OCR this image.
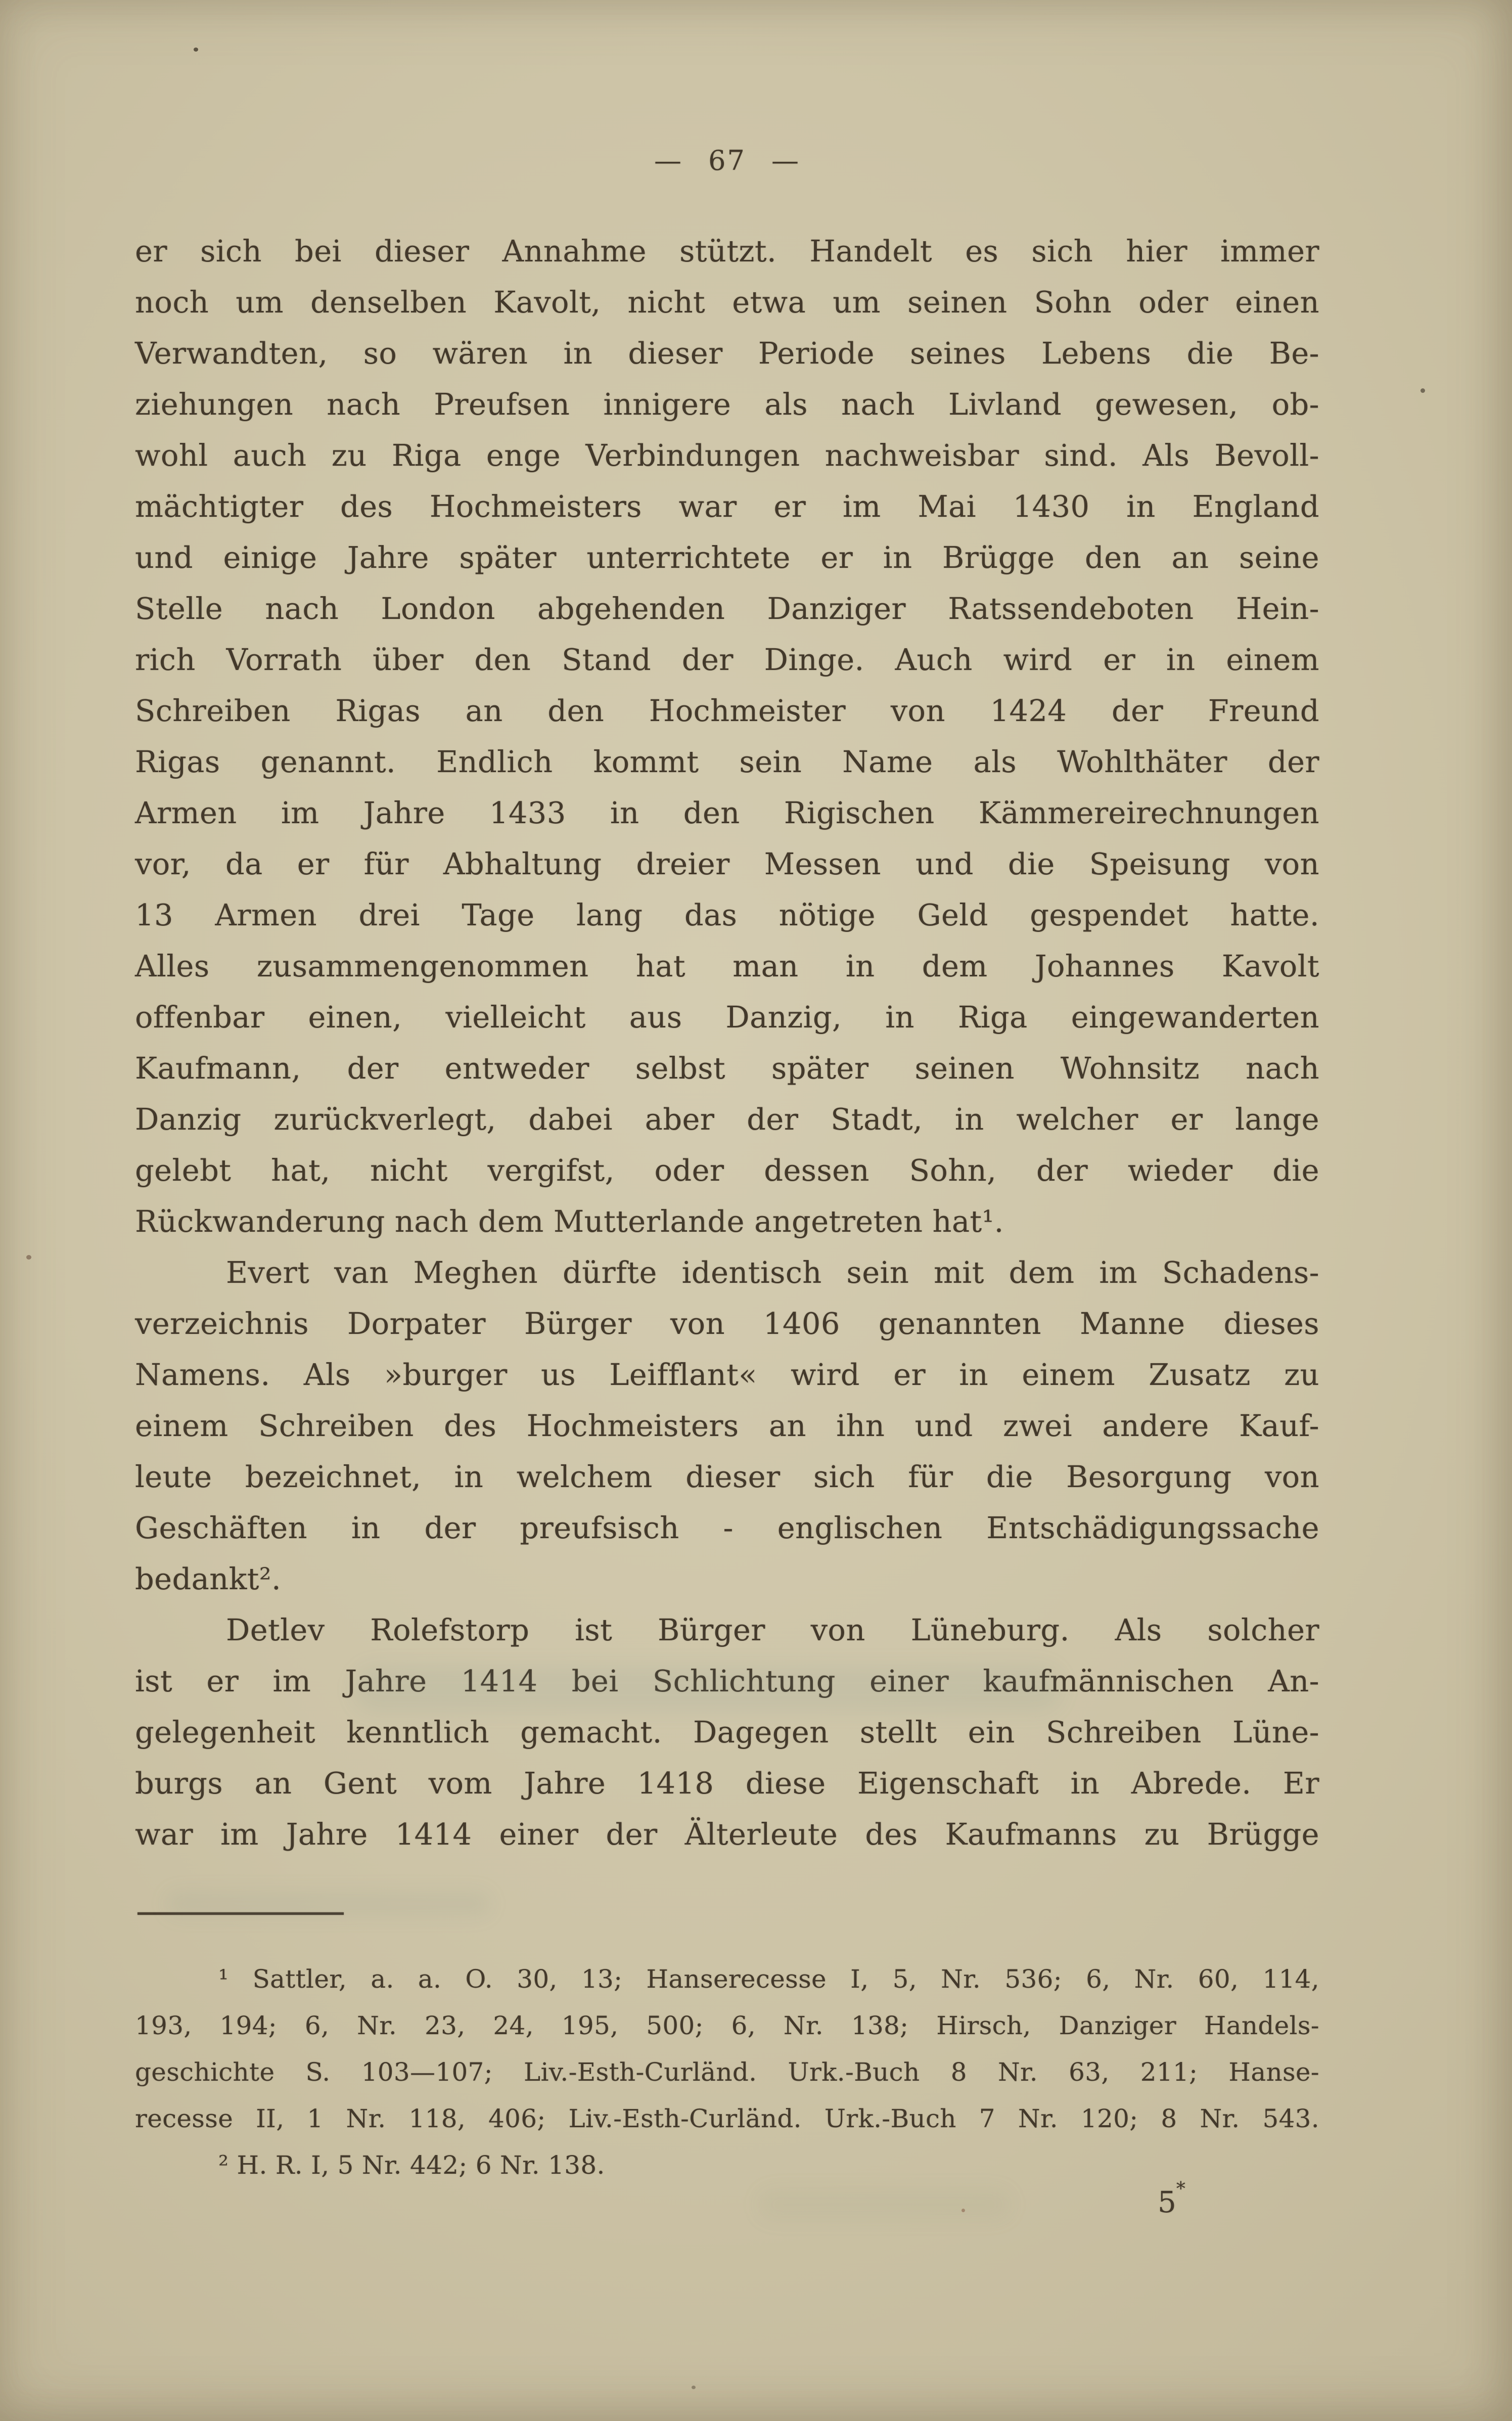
— 67 —
er sich bei dieser Annahme stützt. Handelt es sich hier immer
noch um denselben Kavolt, nicht etwa um seinen Sohn oder einen
Verwandten, so wären in dieser Periode seines Lebens die Be-
ziehungen nach Preufsen innigere als nach Livland gewesen, ob-
wohl auch zu Riga enge Verbindungen nachweisbar sind. Als Bevoll-
mächtigter des Hochmeisters war er im Mai 1430 in England
und einige Jahre später unterrichtete er in Brügge den an seine
Stelle nach London abgehenden Danziger Ratssendeboten Hein-
rich Vorrath über den Stand der Dinge. Auch wird er in einem
Schreiben Rigas an den Hochmeister von 1424 der Freund
Rigas genannt. Endlich kommt sein Name als Wohlthäter der
Armen im Jahre 1433 in den Rigischen Kämmereirechnungen
vor, da er für Abhaltung dreier Messen und die Speisung von
13 Armen drei Tage lang das nötige Geld gespendet hatte.
Alles zusammengenommen hat man in dem Johannes Kavolt
offenbar einen, vielleicht aus Danzig, in Riga eingewanderten
Kaufmann, der entweder selbst später seinen Wohnsitz nach
Danzig zurückverlegt, dabei aber der Stadt, in welcher er lange
gelebt hat, nicht vergifst, oder dessen Sohn, der wieder die
Rückwanderung nach dem Mutterlande angetreten hat¹.
Evert van Meghen dürfte identisch sein mit dem im Schadens-
verzeichnis Dorpater Bürger von 1406 genannten Manne dieses
Namens. Als »burger us Leifflant« wird er in einem Zusatz zu
einem Schreiben des Hochmeisters an ihn und zwei andere Kauf-
leute bezeichnet, in welchem dieser sich für die Besorgung von
Geschäften in der preufsisch - englischen Entschädigungssache
bedankt².
Detlev Rolefstorp ist Bürger von Lüneburg. Als solcher
ist er im Jahre 1414 bei Schlichtung einer kaufmännischen An-
gelegenheit kenntlich gemacht. Dagegen stellt ein Schreiben Lüne-
burgs an Gent vom Jahre 1418 diese Eigenschaft in Abrede. Er
war im Jahre 1414 einer der Älterleute des Kaufmanns zu Brügge
¹ Sattler, a. a. O. 30, 13; Hanserecesse I, 5, Nr. 536; 6, Nr. 60, 114,
193, 194; 6, Nr. 23, 24, 195, 500; 6, Nr. 138; Hirsch, Danziger Handels-
geschichte S. 103—107; Liv.-Esth-Curländ. Urk.-Buch 8 Nr. 63, 211; Hanse-
recesse II, 1 Nr. 118, 406; Liv.-Esth-Curländ. Urk.-Buch 7 Nr. 120; 8 Nr. 543.
² H. R. I, 5 Nr. 442; 6 Nr. 138.
5*
